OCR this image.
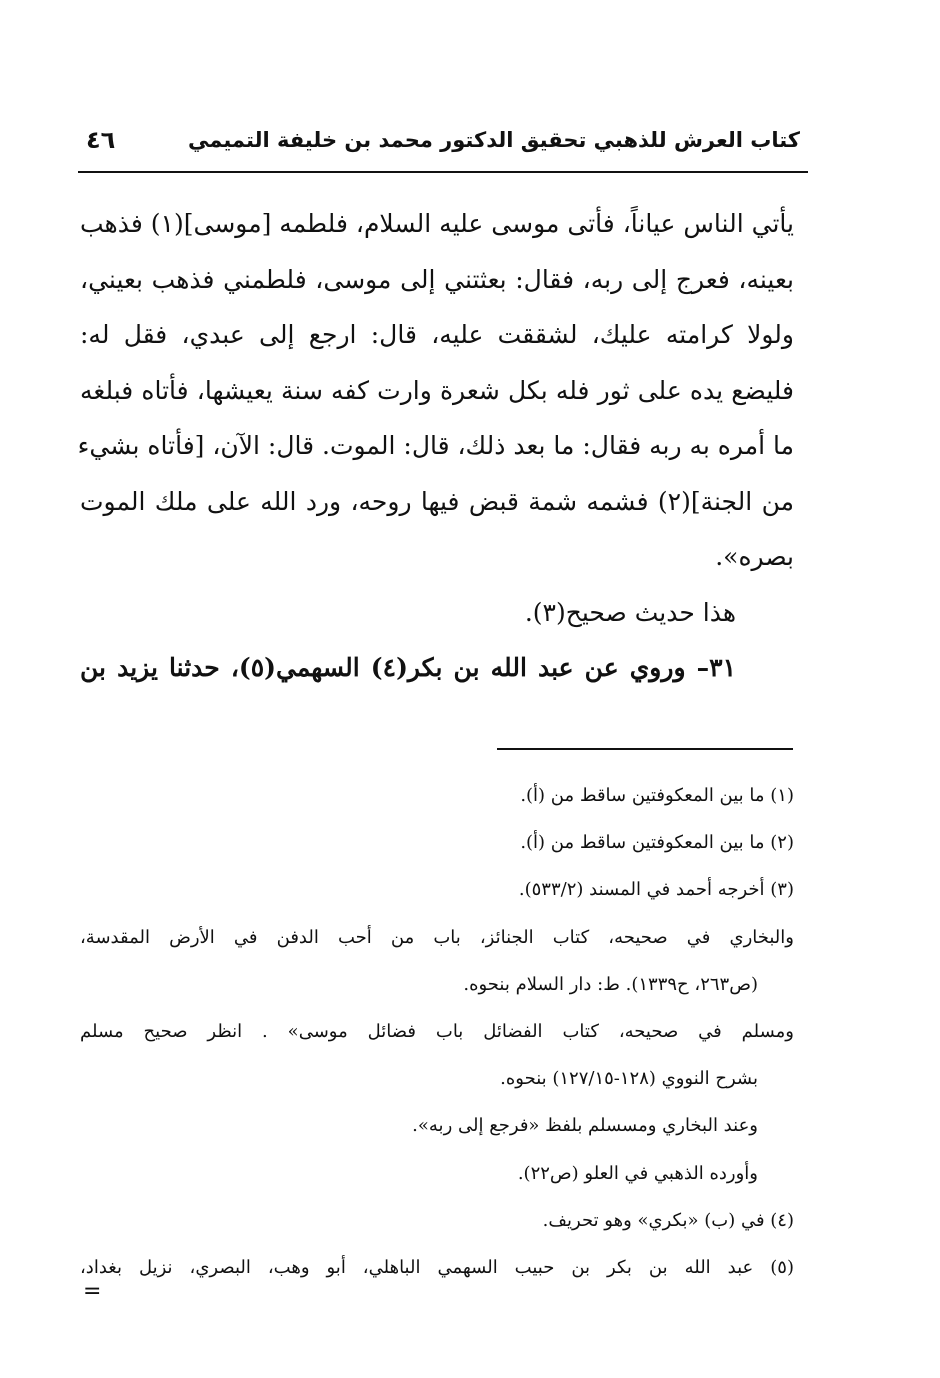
كتاب العرش للذهبي تحقيق الدكتور محمد بن خليفة التميمي
٤٦
يأتي الناس عياناً، فأتى موسى عليه السلام، فلطمه [موسى](١) فذهب
بعينه، فعرج إلى ربه، فقال: بعثتني إلى موسى، فلطمني فذهب بعيني،
ولولا كرامته عليك، لشققت عليه، قال: ارجع إلى عبدي، فقل له:
فليضع يده على ثور فله بكل شعرة وارت كفه سنة يعيشها، فأتاه فبلغه
ما أمره به ربه فقال: ما بعد ذلك، قال: الموت. قال: الآن، [فأتاه بشيء
من الجنة](٢) فشمه شمة قبض فيها روحه، ورد الله على ملك الموت
بصره».
هذا حديث صحيح(٣).
٣١– وروي عن عبد الله بن بكر(٤) السهمي(٥)، حدثنا يزيد بن
(١) ما بين المعكوفتين ساقط من (أ).
(٢) ما بين المعكوفتين ساقط من (أ).
(٣) أخرجه أحمد في المسند (٥٣٣/٢).
والبخاري في صحيحه، كتاب الجنائز، باب من أحب الدفن في الأرض المقدسة،
(ص٢٦٣، ح١٣٣٩). ط: دار السلام بنحوه.
ومسلم في صحيحه، كتاب الفضائل باب فضائل موسى» . انظر صحيح مسلم
بشرح النووي (١٢٨-١٢٧/١٥) بنحوه.
وعند البخاري ومسسلم بلفظ «فرجع إلى ربه».
وأورده الذهبي في العلو (ص٢٢).
(٤) في (ب) «بكري» وهو تحريف.
(٥) عبد الله بن بكر بن حبيب السهمي الباهلي، أبو وهب، البصري، نزيل بغداد،
=
